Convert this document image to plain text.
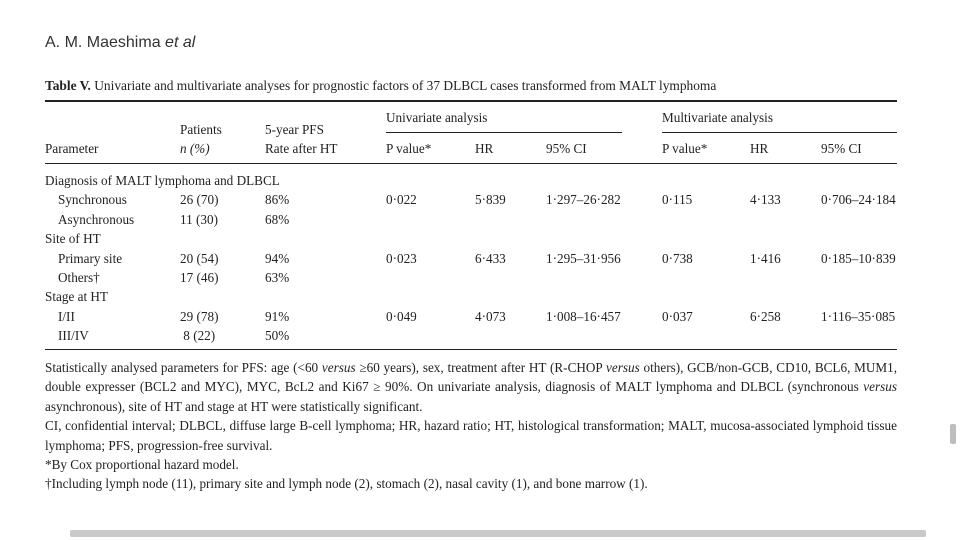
A. M. Maeshima et al
Table V. Univariate and multivariate analyses for prognostic factors of 37 DLBCL cases transformed from MALT lymphoma
Univariate analysis	Multivariate analysis
Patients	5-year PFS
Parameter	n (%)	Rate after HT	P value*	HR	95% CI	P value*	HR	95% CI
Diagnosis of MALT lymphoma and DLBCL
Synchronous	26 (70)	86%	0·022	5·839	1·297–26·282	0·115	4·133	0·706–24·184
Asynchronous	11 (30)	68%
Site of HT
Primary site	20 (54)	94%	0·023	6·433	1·295–31·956	0·738	1·416	0·185–10·839
Others†	17 (46)	63%
Stage at HT
I/II	29 (78)	91%	0·049	4·073	1·008–16·457	0·037	6·258	1·116–35·085
III/IV	8 (22)	50%
Statistically analysed parameters for PFS: age (<60 versus ≥60 years), sex, treatment after HT (R-CHOP versus others), GCB/non-GCB, CD10, BCL6, MUM1, double expresser (BCL2 and MYC), MYC, BcL2 and Ki67 ≥ 90%. On univariate analysis, diagnosis of MALT lymphoma and DLBCL (synchronous versus asynchronous), site of HT and stage at HT were statistically significant.
CI, confidential interval; DLBCL, diffuse large B-cell lymphoma; HR, hazard ratio; HT, histological transformation; MALT, mucosa-associated lymphoid tissue lymphoma; PFS, progression-free survival.
*By Cox proportional hazard model.
†Including lymph node (11), primary site and lymph node (2), stomach (2), nasal cavity (1), and bone marrow (1).
